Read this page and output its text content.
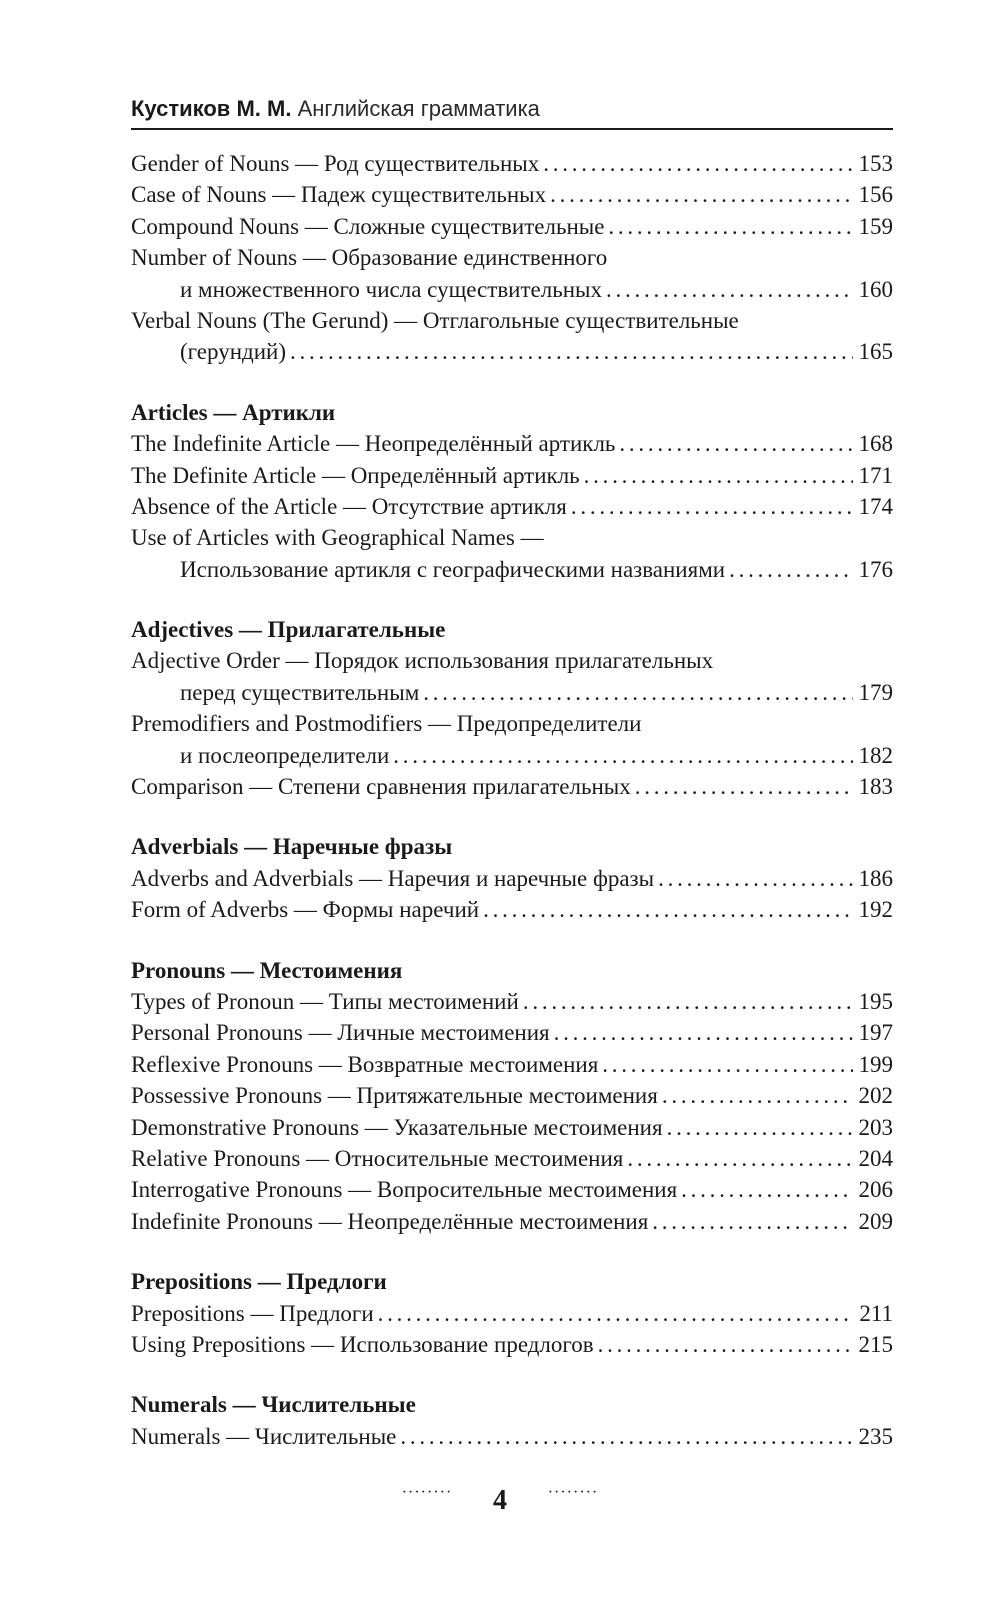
Кустиков М. М. Английская грамматика
Gender of Nouns — Род существительных . . .	153
Case of Nouns — Падеж существительных . . .	156
Compound Nouns — Сложные существительные . . .	159
Number of Nouns — Образование единственного
и множественного числа существительных . . .	160
Verbal Nouns (The Gerund) — Отглагольные существительные
(герундий) . . .	165
Articles — Артикли
The Indefinite Article — Неопределённый артикль . . .	168
The Definite Article — Определённый артикль . . .	171
Absence of the Article — Отсутствие артикля . . .	174
Use of Articles with Geographical Names —
Использование артикля с географическими названиями . . .	176
Adjectives — Прилагательные
Adjective Order — Порядок использования прилагательных
перед существительным . . .	179
Premodifiers and Postmodifiers — Предопределители
и послеопределители . . .	182
Comparison — Степени сравнения прилагательных . . .	183
Adverbials — Наречные фразы
Adverbs and Adverbials — Наречия и наречные фразы . . .	186
Form of Adverbs — Формы наречий . . .	192
Pronouns — Местоимения
Types of Pronoun — Типы местоимений . . .	195
Personal Pronouns — Личные местоимения . . .	197
Reflexive Pronouns — Возвратные местоимения . . .	199
Possessive Pronouns — Притяжательные местоимения . . .	202
Demonstrative Pronouns — Указательные местоимения . . .	203
Relative Pronouns — Относительные местоимения . . .	204
Interrogative Pronouns — Вопросительные местоимения . . .	206
Indefinite Pronouns — Неопределённые местоимения . . .	209
Prepositions — Предлоги
Prepositions — Предлоги . . .	211
Using Prepositions — Использование предлогов . . .	215
Numerals — Числительные
Numerals — Числительные . . .	235
········ 4	········
